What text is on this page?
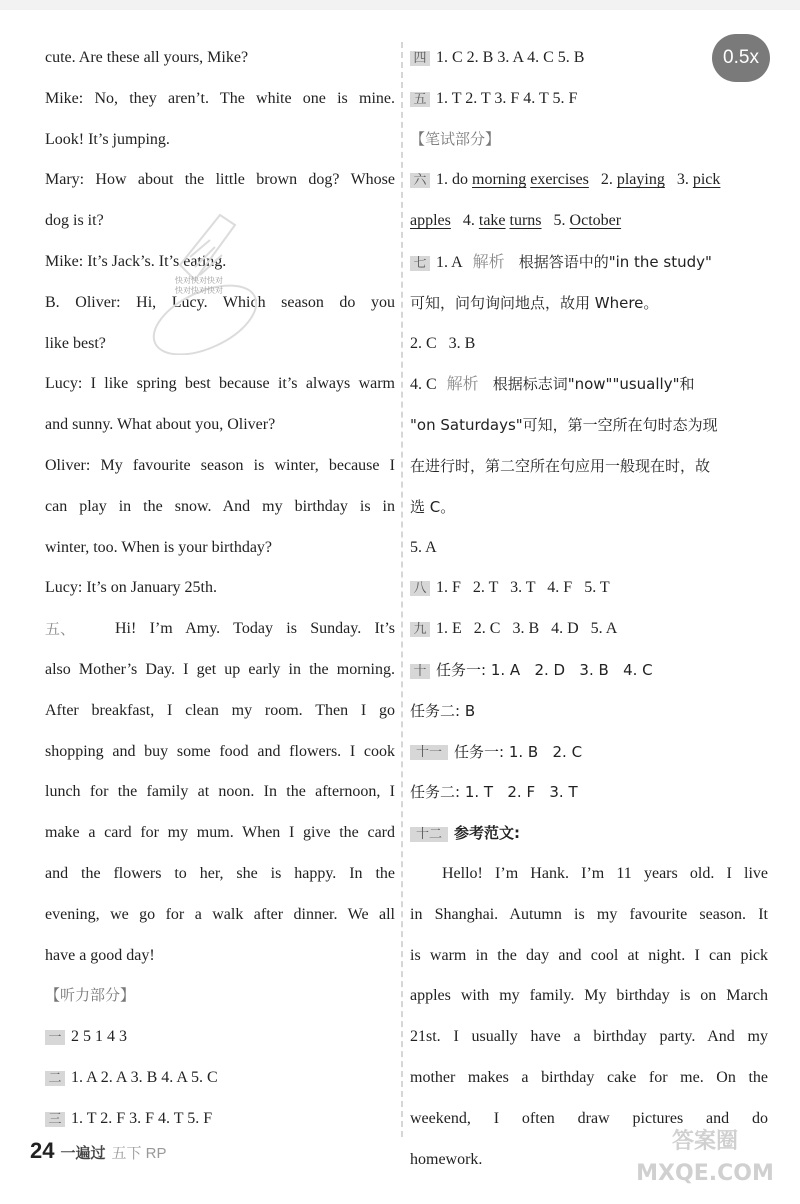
0.5x
cute. Are these all yours, Mike?
Mike: No, they aren’t. The white one is mine.
Look! It’s jumping.
Mary: How about the little brown dog? Whose
dog is it?
Mike: It’s Jack’s. It’s eating.
B. Oliver: Hi, Lucy. Which season do you
like best?
Lucy: I like spring best because it’s always warm
and sunny. What about you, Oliver?
Oliver: My favourite season is winter, because I
can play in the snow. And my birthday is in
winter, too. When is your birthday?
Lucy: It’s on January 25th.
五、	Hi! I’m Amy. Today is Sunday. It’s
also Mother’s Day. I get up early in the morning.
After breakfast, I clean my room. Then I go
shopping and buy some food and flowers. I cook
lunch for the family at noon. In the afternoon, I
make a card for my mum. When I give the card
and the flowers to her, she is happy. In the
evening, we go for a walk after dinner. We all
have a good day!
【听力部分】
一 2 5 1 4 3
二 1. A 2. A 3. B 4. A 5. C
三 1. T 2. F 3. F 4. T 5. F
快对快对快对
快对快对快对
四 1. C 2. B 3. A 4. C 5. B
五 1. T 2. T 3. F 4. T 5. F
【笔试部分】
六 1. do morning exercises   2. playing   3. pick
apples   4. take turns   5. October
七 1. A 解析 根据答语中的"in the study"
可知，问句询问地点，故用 Where。
2. C   3. B
4. C 解析 根据标志词"now""usually"和
"on Saturdays"可知，第一空所在句时态为现
在进行时，第二空所在句应用一般现在时，故
选 C。
5. A
八 1. F   2. T   3. T   4. F   5. T
九 1. E   2. C   3. B   4. D   5. A
十 任务一: 1. A   2. D   3. B   4. C
任务二: B
十一 任务一: 1. B   2. C
任务二: 1. T   2. F   3. T
十二 参考范文:
Hello! I’m Hank. I’m 11 years old. I live
in Shanghai. Autumn is my favourite season. It
is warm in the day and cool at night. I can pick
apples with my family. My birthday is on March
21st. I usually have a birthday party. And my
mother makes a birthday cake for me. On the
weekend, I often draw pictures and do
homework.
24 一遍过 五下 RP	答案圈 MXQE.COM
